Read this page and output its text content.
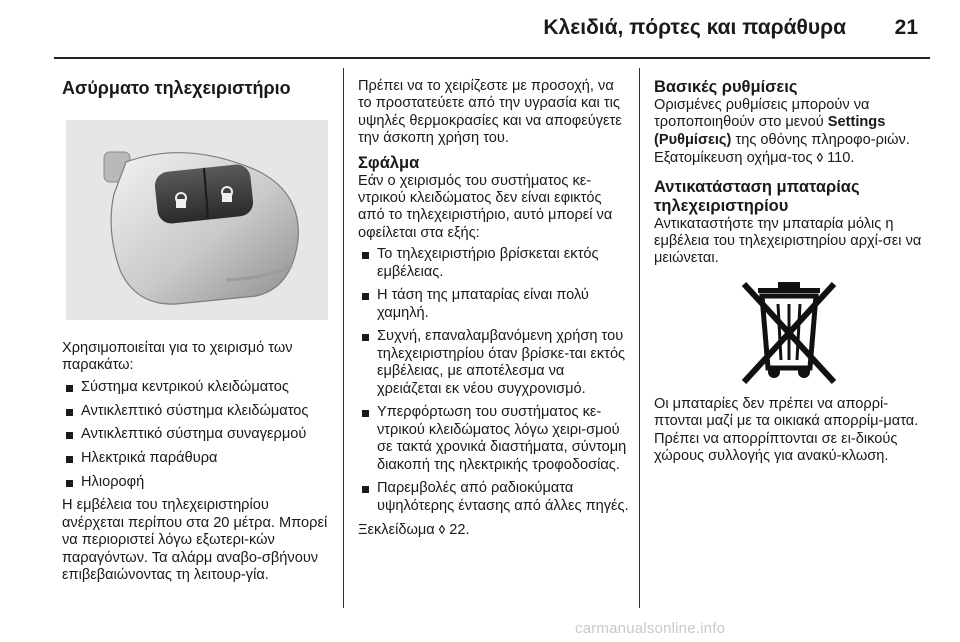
Κλειδιά, πόρτες και παράθυρα 21
Ασύρματο τηλεχειριστήριο

Χρησιμοποιείται για το χειρισμό των παρακάτω:

Σύστημα κεντρικού κλειδώματος
Αντικλεπτικό σύστημα κλειδώματος
Αντικλεπτικό σύστημα συναγερμού
Ηλεκτρικά παράθυρα
Ηλιοροφή

Η εμβέλεια του τηλεχειριστηρίου ανέρχεται περίπου στα 20 μέτρα. Μπορεί να περιοριστεί λόγω εξωτερι-κών παραγόντων. Τα αλάρμ αναβο-σβήνουν επιβεβαιώνοντας τη λειτουρ-γία.

Πρέπει να το χειρίζεστε με προσοχή, να το προστατεύετε από την υγρασία και τις υψηλές θερμοκρασίες και να αποφεύγετε την άσκοπη χρήση του.

Σφάλμα

Εάν ο χειρισμός του συστήματος κε-ντρικού κλειδώματος δεν είναι εφικτός από το τηλεχειριστήριο, αυτό μπορεί να οφείλεται στα εξής:

Το τηλεχειριστήριο βρίσκεται εκτός εμβέλειας.
Η τάση της μπαταρίας είναι πολύ χαμηλή.
Συχνή, επαναλαμβανόμενη χρήση του τηλεχειριστηρίου όταν βρίσκε-ται εκτός εμβέλειας, με αποτέλεσμα να χρειάζεται εκ νέου συγχρονισμό.
Υπερφόρτωση του συστήματος κε-ντρικού κλειδώματος λόγω χειρι-σμού σε τακτά χρονικά διαστήματα, σύντομη διακοπή της ηλεκτρικής τροφοδοσίας.
Παρεμβολές από ραδιοκύματα υψηλότερης έντασης από άλλες πηγές.

Ξεκλείδωμα ◊ 22.

Βασικές ρυθμίσεις

Ορισμένες ρυθμίσεις μπορούν να τροποποιηθούν στο μενού Settings (Ρυθμίσεις) της οθόνης πληροφο-ριών. Εξατομίκευση οχήμα-τος ◊ 110.

Αντικατάσταση μπαταρίας τηλεχειριστηρίου

Αντικαταστήστε την μπαταρία μόλις η εμβέλεια του τηλεχειριστηρίου αρχί-σει να μειώνεται.

Οι μπαταρίες δεν πρέπει να απορρί-πτονται μαζί με τα οικιακά απορρίμ-ματα. Πρέπει να απορρίπτονται σε ει-δικούς χώρους συλλογής για ανακύ-κλωση.

carmanualsonline.info
